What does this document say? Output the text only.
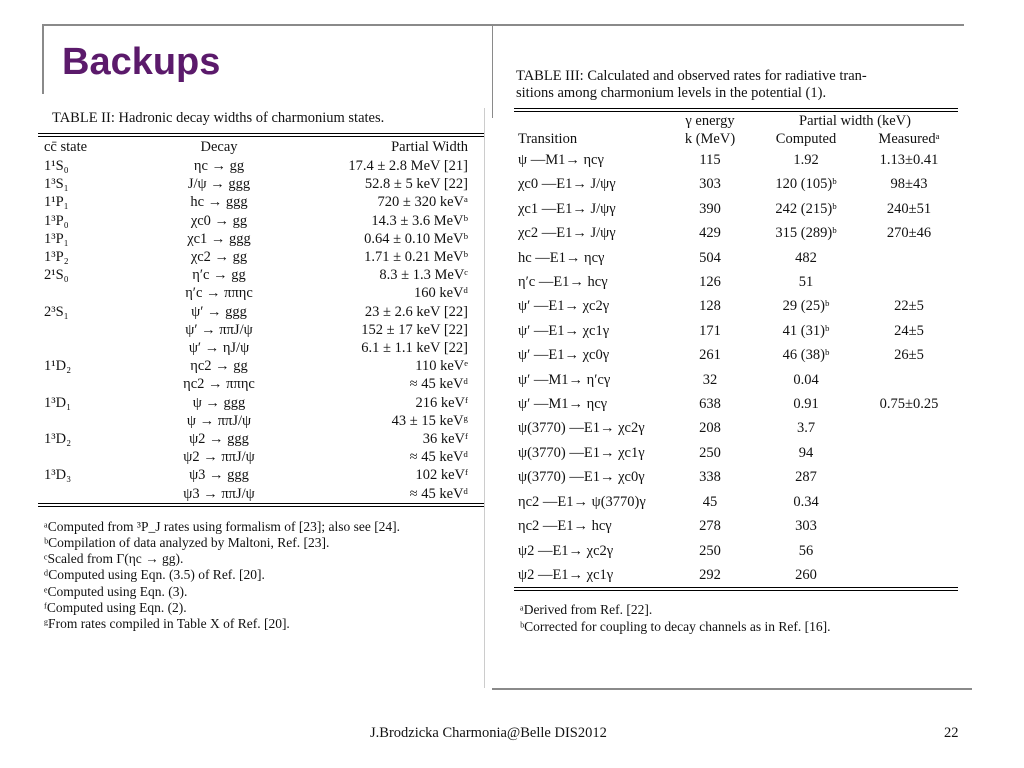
Backups

TABLE II: Hadronic decay widths of charmonium states.

cc̄ state	Decay	Partial Width
1¹S₀	ηc → gg	17.4 ± 2.8 MeV [21]
1³S₁	J/ψ → ggg	52.8 ± 5 keV [22]
1¹P₁	hc → ggg	720 ± 320 keVᵃ
1³P₀	χc0 → gg	14.3 ± 3.6 MeVᵇ
1³P₁	χc1 → ggg	0.64 ± 0.10 MeVᵇ
1³P₂	χc2 → gg	1.71 ± 0.21 MeVᵇ
2¹S₀	η′c → gg	8.3 ± 1.3 MeVᶜ
	η′c → ππηc	160 keVᵈ
2³S₁	ψ′ → ggg	23 ± 2.6 keV [22]
	ψ′ → ππJ/ψ	152 ± 17 keV [22]
	ψ′ → ηJ/ψ	6.1 ± 1.1 keV [22]
1¹D₂	ηc2 → gg	110 keVᵉ
	ηc2 → ππηc	≈ 45 keVᵈ
1³D₁	ψ → ggg	216 keVᶠ
	ψ → ππJ/ψ	43 ± 15 keVᵍ
1³D₂	ψ2 → ggg	36 keVᶠ
	ψ2 → ππJ/ψ	≈ 45 keVᵈ
1³D₃	ψ3 → ggg	102 keVᶠ
	ψ3 → ππJ/ψ	≈ 45 keVᵈ
ᵃComputed from ³P_J rates using formalism of [23]; also see [24].
ᵇCompilation of data analyzed by Maltoni, Ref. [23].
ᶜScaled from Γ(ηc → gg).
ᵈComputed using Eqn. (3.5) of Ref. [20].
ᵉComputed using Eqn. (3).
ᶠComputed using Eqn. (2).
ᵍFrom rates compiled in Table X of Ref. [20].

TABLE III: Calculated and observed rates for radiative tran-
sitions among charmonium levels in the potential (1).

	γ energy	Partial width (keV)	
Transition	k (MeV)	Computed	Measuredᵃ
ψ —M1→ ηcγ	115	1.92	1.13±0.41
χc0 —E1→ J/ψγ	303	120 (105)ᵇ	98±43
χc1 —E1→ J/ψγ	390	242 (215)ᵇ	240±51
χc2 —E1→ J/ψγ	429	315 (289)ᵇ	270±46
hc —E1→ ηcγ	504	482	
η′c —E1→ hcγ	126	51	
ψ′ —E1→ χc2γ	128	29 (25)ᵇ	22±5
ψ′ —E1→ χc1γ	171	41 (31)ᵇ	24±5
ψ′ —E1→ χc0γ	261	46 (38)ᵇ	26±5
ψ′ —M1→ η′cγ	32	0.04	
ψ′ —M1→ ηcγ	638	0.91	0.75±0.25
ψ(3770) —E1→ χc2γ	208	3.7	
ψ(3770) —E1→ χc1γ	250	94	
ψ(3770) —E1→ χc0γ	338	287	
ηc2 —E1→ ψ(3770)γ	45	0.34	
ηc2 —E1→ hcγ	278	303	
ψ2 —E1→ χc2γ	250	56	
ψ2 —E1→ χc1γ	292	260	
ᵃDerived from Ref. [22].
ᵇCorrected for coupling to decay channels as in Ref. [16].
J.Brodzicka Charmonia@Belle DIS2012	22
